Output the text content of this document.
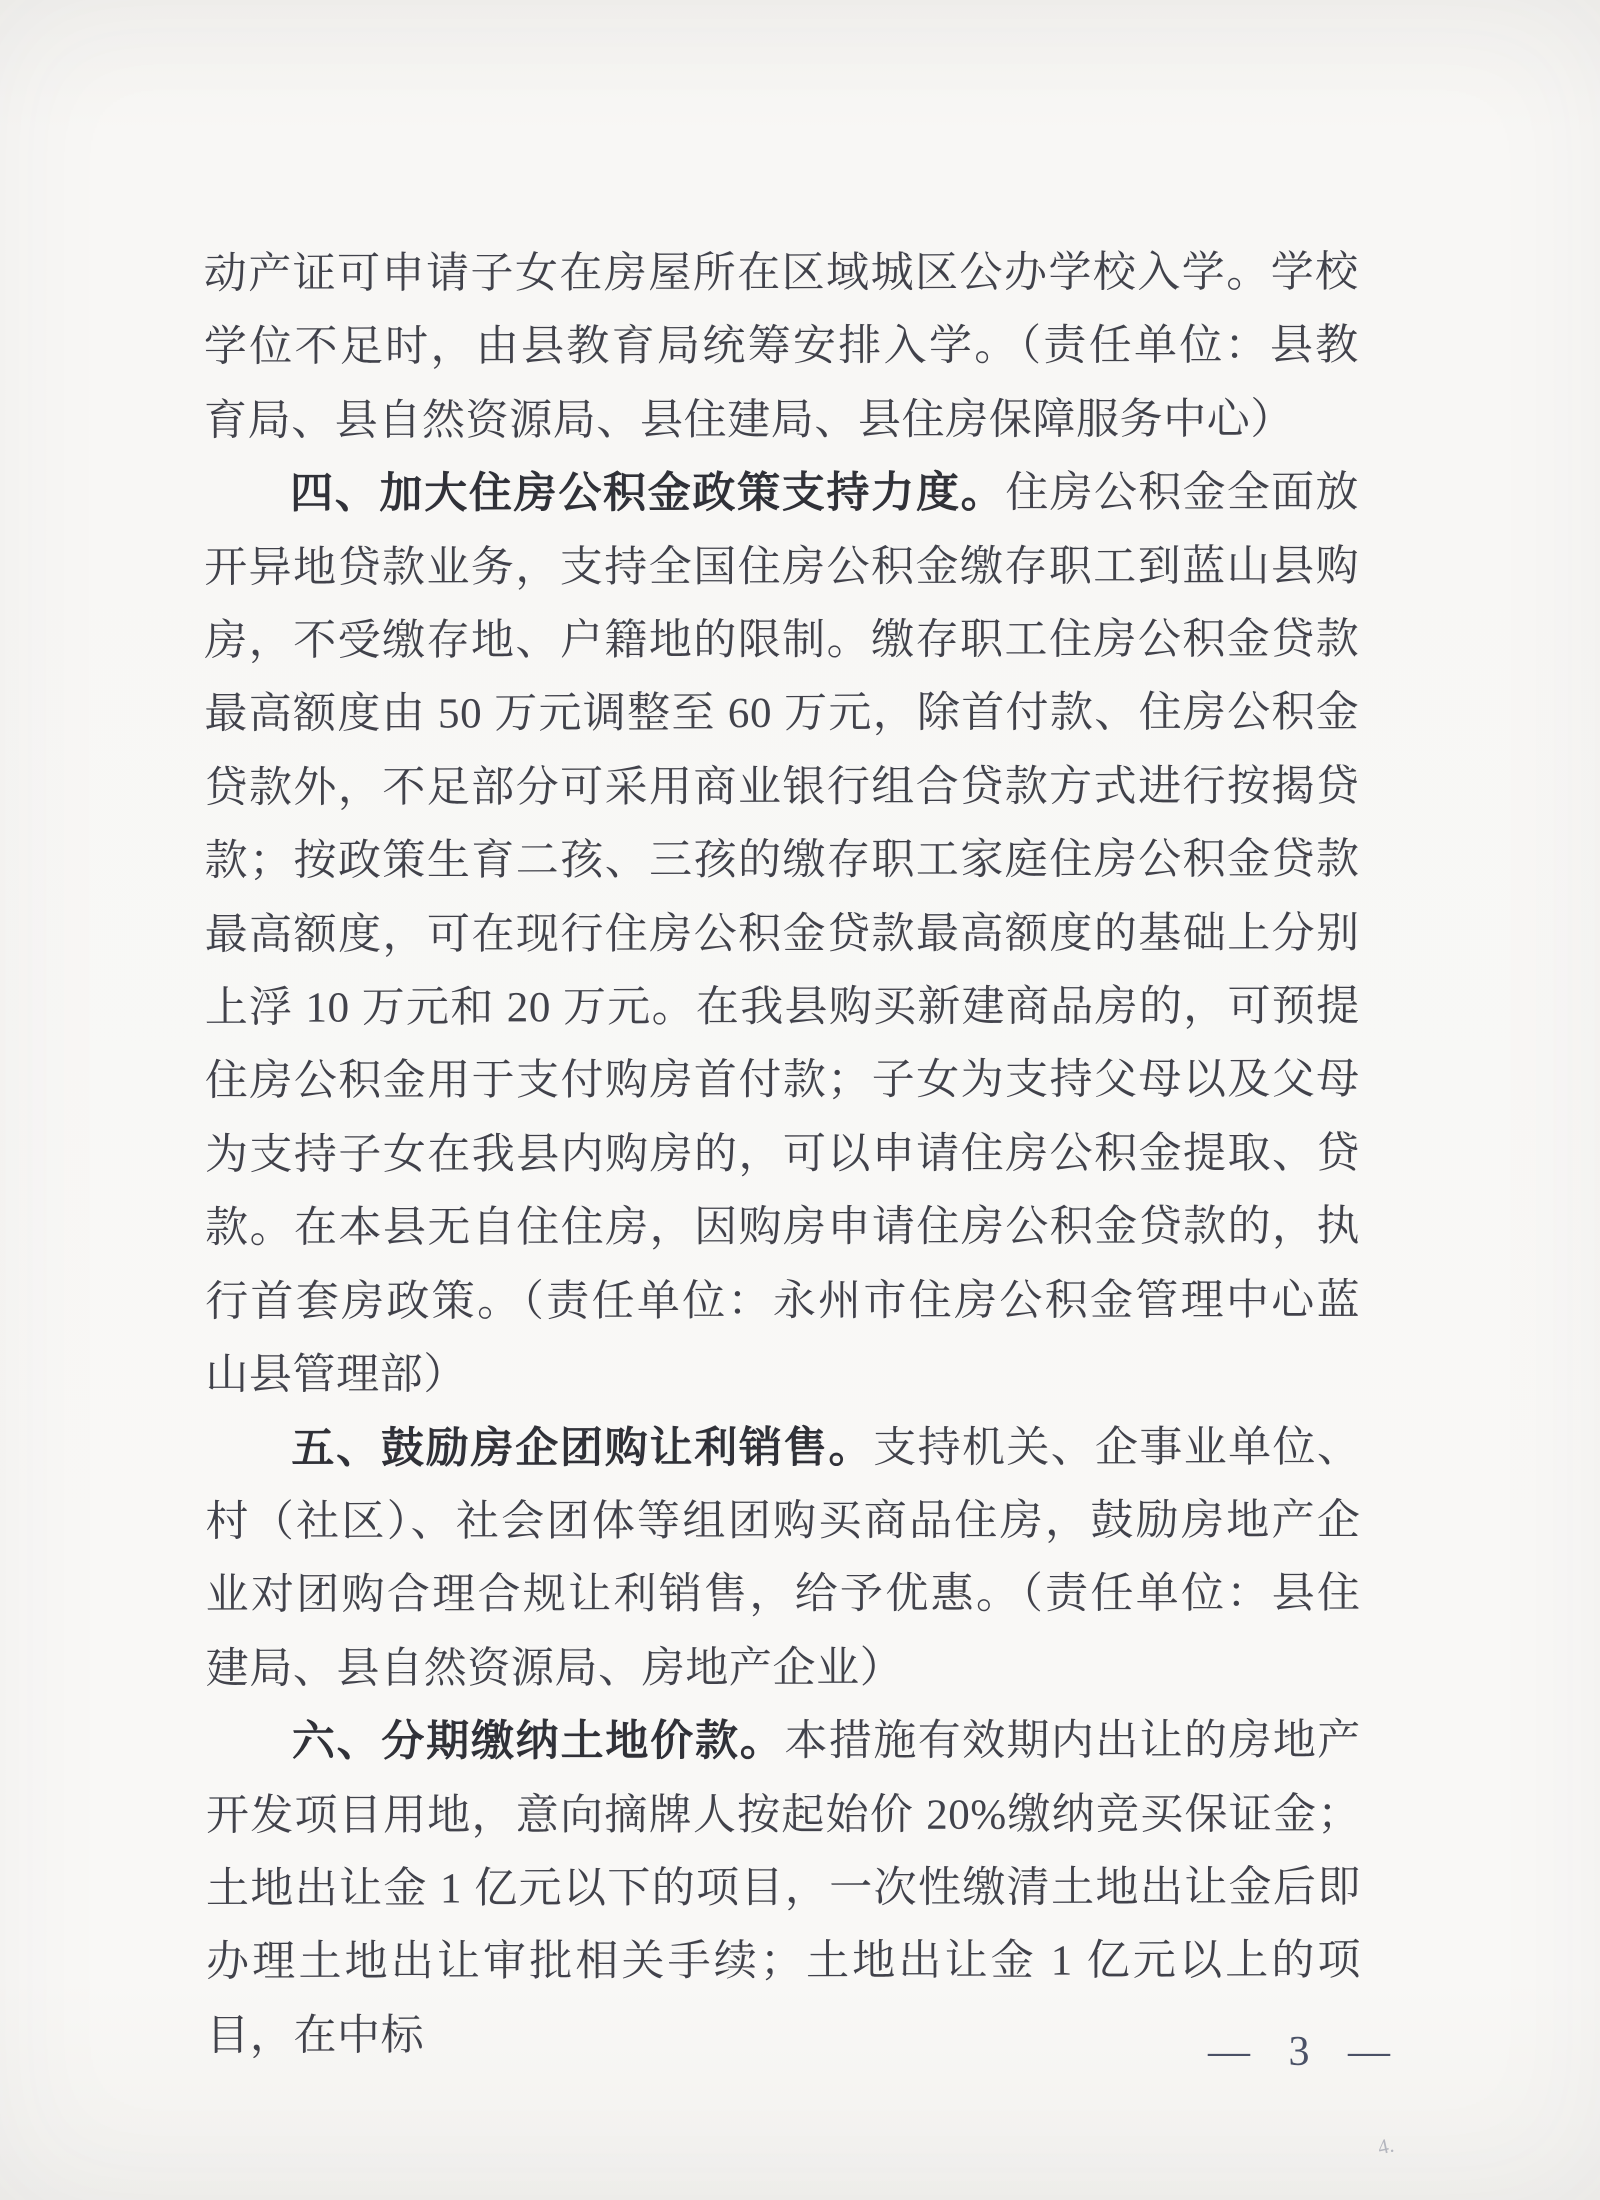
动产证可申请子女在房屋所在区域城区公办学校入学。学校学位不足时，由县教育局统筹安排入学。（责任单位：县教育局、县自然资源局、县住建局、县住房保障服务中心）
四、加大住房公积金政策支持力度。住房公积金全面放开异地贷款业务，支持全国住房公积金缴存职工到蓝山县购房，不受缴存地、户籍地的限制。缴存职工住房公积金贷款最高额度由 50 万元调整至 60 万元，除首付款、住房公积金贷款外，不足部分可采用商业银行组合贷款方式进行按揭贷款；按政策生育二孩、三孩的缴存职工家庭住房公积金贷款最高额度，可在现行住房公积金贷款最高额度的基础上分别上浮 10 万元和 20 万元。在我县购买新建商品房的，可预提住房公积金用于支付购房首付款；子女为支持父母以及父母为支持子女在我县内购房的，可以申请住房公积金提取、贷款。在本县无自住住房，因购房申请住房公积金贷款的，执行首套房政策。（责任单位：永州市住房公积金管理中心蓝山县管理部）
五、鼓励房企团购让利销售。支持机关、企事业单位、村（社区）、社会团体等组团购买商品住房，鼓励房地产企业对团购合理合规让利销售，给予优惠。（责任单位：县住建局、县自然资源局、房地产企业）
六、分期缴纳土地价款。本措施有效期内出让的房地产开发项目用地，意向摘牌人按起始价 20%缴纳竞买保证金；土地出让金 1 亿元以下的项目，一次性缴清土地出让金后即办理土地出让审批相关手续；土地出让金 1 亿元以上的项目，在中标	— 3 —
4.
